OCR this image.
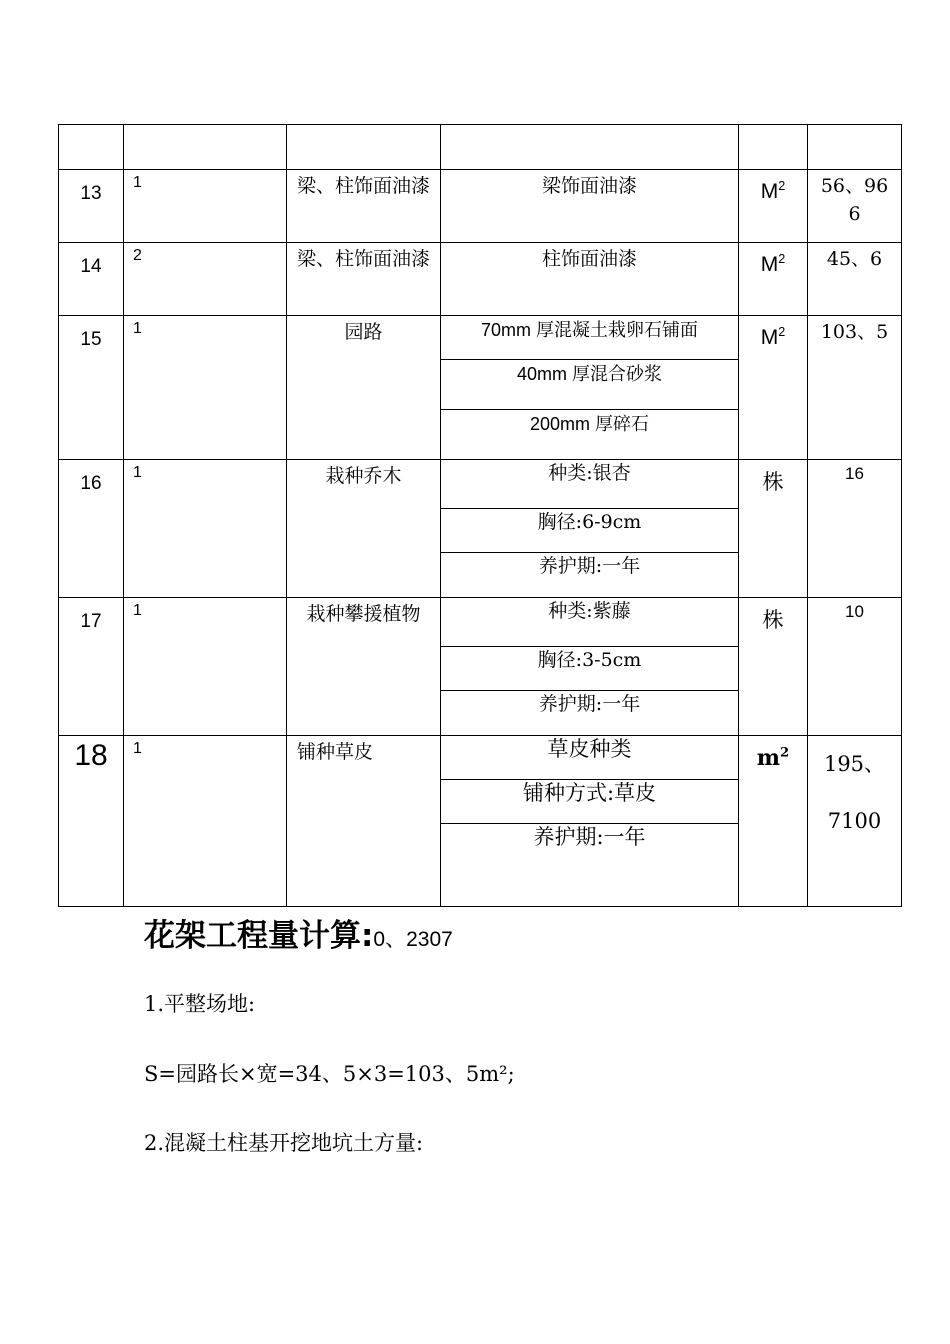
13	1	梁、柱饰面油漆	梁饰面油漆	$M^2$	56、966

14	2	梁、柱饰面油漆	柱饰面油漆	$M^2$	45、6
15	1	园路	70mm 厚混凝土栽卵石铺面
40mm 厚混合砂浆
200mm 厚碎石	$M^2$	103、5
16	1	栽种乔木	种类:银杏
胸径:6-9cm
养护期:一年	株	16
17	1	栽种攀援植物	种类:紫藤
胸径:3-5cm
养护期:一年	株	10
18	1	铺种草皮	草皮种类
铺种方式:草皮
养护期:一年	$m^2$	195、7100
花架工程量计算:0、2307
1.平整场地:
S=园路长×宽=34、5×3=103、5m²;
2.混凝土柱基开挖地坑土方量:
